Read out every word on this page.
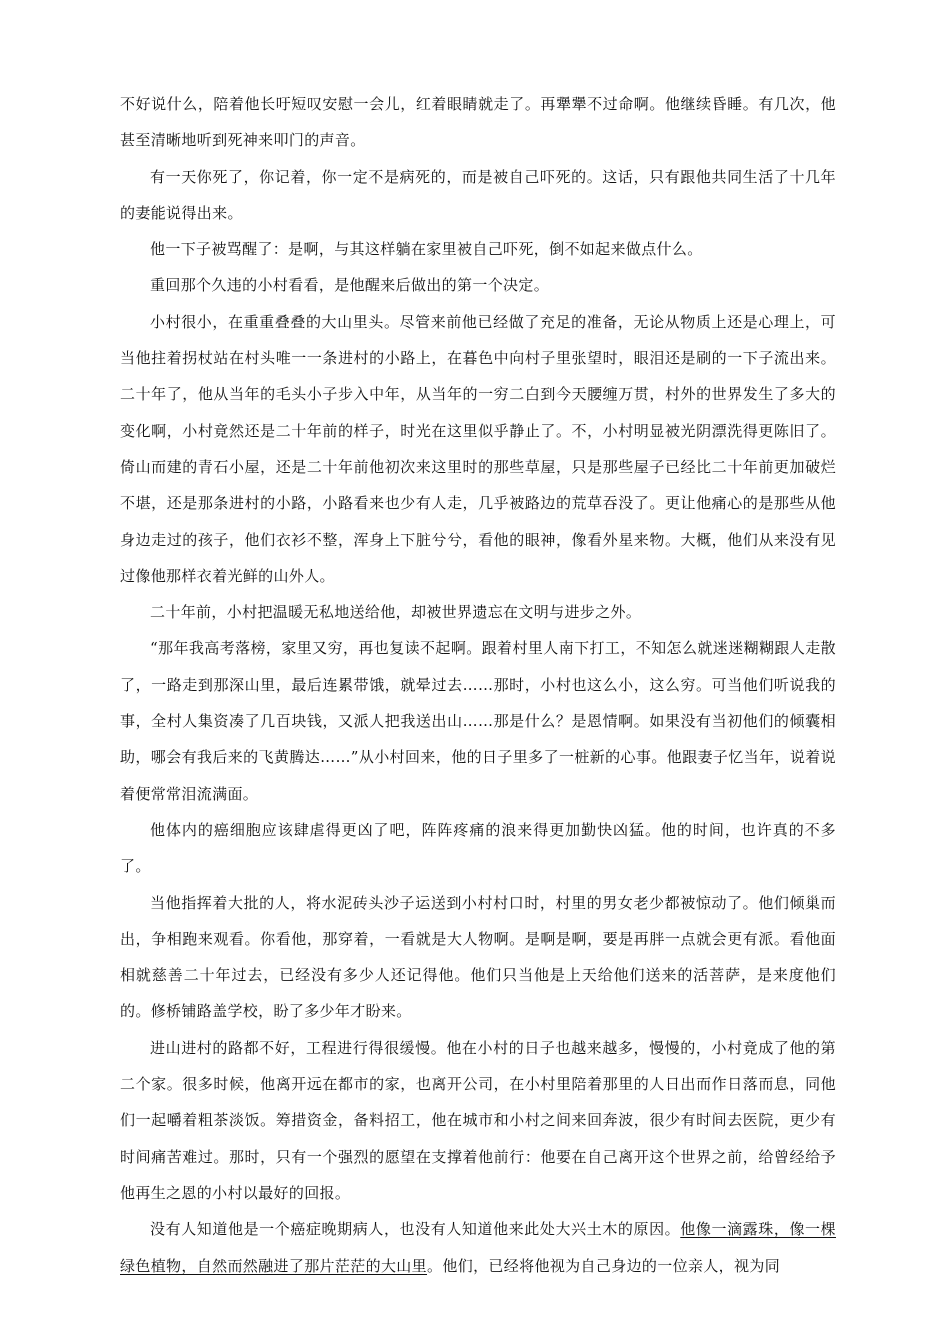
不好说什么，陪着他长吁短叹安慰一会儿，红着眼睛就走了。再犟犟不过命啊。他继续昏睡。有几次，他甚至清晰地听到死神来叩门的声音。

有一天你死了，你记着，你一定不是病死的，而是被自己吓死的。这话，只有跟他共同生活了十几年的妻能说得出来。

他一下子被骂醒了：是啊，与其这样躺在家里被自己吓死，倒不如起来做点什么。

重回那个久违的小村看看，是他醒来后做出的第一个决定。

小村很小，在重重叠叠的大山里头。尽管来前他已经做了充足的准备，无论从物质上还是心理上，可当他拄着拐杖站在村头唯一一条进村的小路上，在暮色中向村子里张望时，眼泪还是刷的一下子流出来。二十年了，他从当年的毛头小子步入中年，从当年的一穷二白到今天腰缠万贯，村外的世界发生了多大的变化啊，小村竟然还是二十年前的样子，时光在这里似乎静止了。不，小村明显被光阴漂洗得更陈旧了。倚山而建的青石小屋，还是二十年前他初次来这里时的那些草屋，只是那些屋子已经比二十年前更加破烂不堪，还是那条进村的小路，小路看来也少有人走，几乎被路边的荒草吞没了。更让他痛心的是那些从他身边走过的孩子，他们衣衫不整，浑身上下脏兮兮，看他的眼神，像看外星来物。大概，他们从来没有见过像他那样衣着光鲜的山外人。

二十年前，小村把温暖无私地送给他，却被世界遗忘在文明与进步之外。

“那年我高考落榜，家里又穷，再也复读不起啊。跟着村里人南下打工，不知怎么就迷迷糊糊跟人走散了，一路走到那深山里，最后连累带饿，就晕过去……那时，小村也这么小，这么穷。可当他们听说我的事，全村人集资凑了几百块钱，又派人把我送出山……那是什么？是恩情啊。如果没有当初他们的倾囊相助，哪会有我后来的飞黄腾达……”从小村回来，他的日子里多了一桩新的心事。他跟妻子忆当年，说着说着便常常泪流满面。

他体内的癌细胞应该肆虐得更凶了吧，阵阵疼痛的浪来得更加勤快凶猛。他的时间，也许真的不多了。

当他指挥着大批的人，将水泥砖头沙子运送到小村村口时，村里的男女老少都被惊动了。他们倾巢而出，争相跑来观看。你看他，那穿着，一看就是大人物啊。是啊是啊，要是再胖一点就会更有派。看他面相就慈善二十年过去，已经没有多少人还记得他。他们只当他是上天给他们送来的活菩萨，是来度他们的。修桥铺路盖学校，盼了多少年才盼来。

进山进村的路都不好，工程进行得很缓慢。他在小村的日子也越来越多，慢慢的，小村竟成了他的第二个家。很多时候，他离开远在都市的家，也离开公司，在小村里陪着那里的人日出而作日落而息，同他们一起嚼着粗茶淡饭。筹措资金，备料招工，他在城市和小村之间来回奔波，很少有时间去医院，更少有时间痛苦难过。那时，只有一个强烈的愿望在支撑着他前行：他要在自己离开这个世界之前，给曾经给予他再生之恩的小村以最好的回报。

没有人知道他是一个癌症晚期病人，也没有人知道他来此处大兴土木的原因。他像一滴露珠，像一棵绿色植物，自然而然融进了那片茫茫的大山里。他们，已经将他视为自己身边的一位亲人，视为同
